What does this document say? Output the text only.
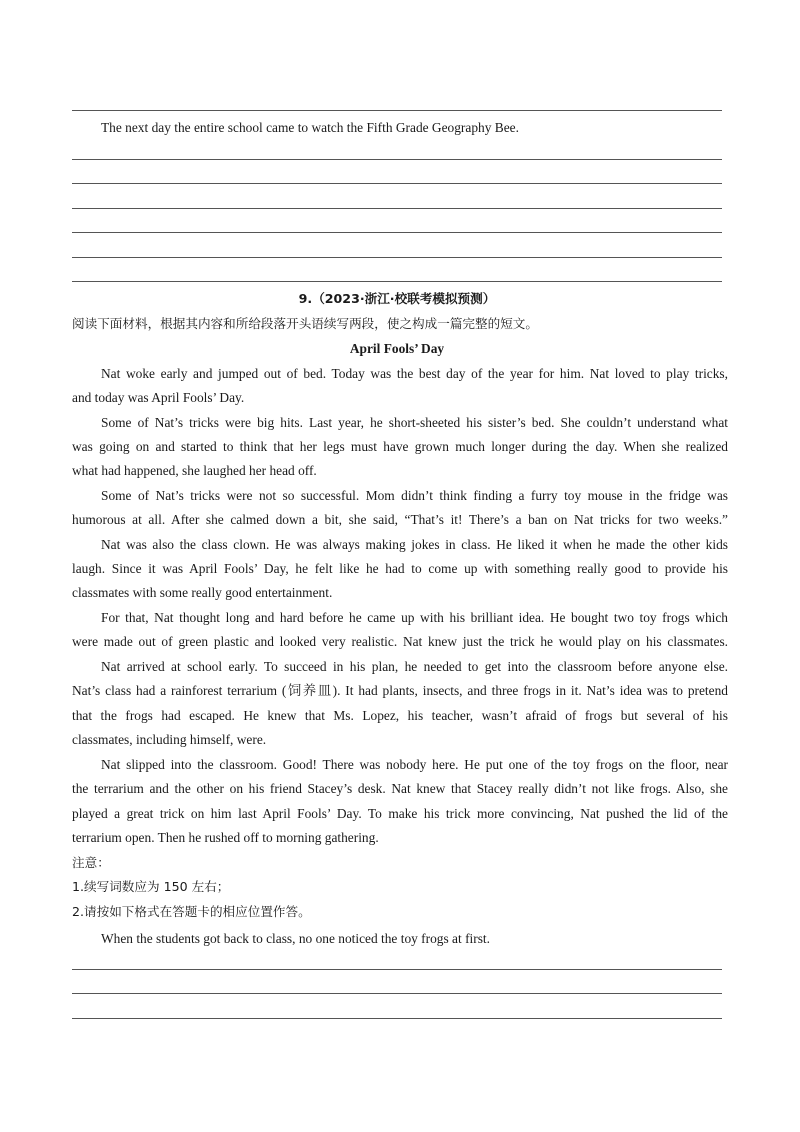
The next day the entire school came to watch the Fifth Grade Geography Bee.
9.（2023·浙江·校联考模拟预测）
阅读下面材料，根据其内容和所给段落开头语续写两段，使之构成一篇完整的短文。
April Fools’ Day
Nat woke early and jumped out of bed. Today was the best day of the year for him. Nat loved to play tricks,
and today was April Fools’ Day.
Some of Nat’s tricks were big hits. Last year, he short-sheeted his sister’s bed. She couldn’t understand what
was going on and started to think that her legs must have grown much longer during the day. When she realized
what had happened, she laughed her head off.
Some of Nat’s tricks were not so successful. Mom didn’t think finding a furry toy mouse in the fridge was
humorous at all. After she calmed down a bit, she said, “That’s it! There’s a ban on Nat tricks for two weeks.”
Nat was also the class clown. He was always making jokes in class. He liked it when he made the other kids
laugh. Since it was April Fools’ Day, he felt like he had to come up with something really good to provide his
classmates with some really good entertainment.
For that, Nat thought long and hard before he came up with his brilliant idea. He bought two toy frogs which
were made out of green plastic and looked very realistic. Nat knew just the trick he would play on his classmates.
Nat arrived at school early. To succeed in his plan, he needed to get into the classroom before anyone else.
Nat’s class had a rainforest terrarium (饲养皿). It had plants, insects, and three frogs in it. Nat’s idea was to pretend
that the frogs had escaped. He knew that Ms. Lopez, his teacher, wasn’t afraid of frogs but several of his
classmates, including himself, were.
Nat slipped into the classroom. Good! There was nobody here. He put one of the toy frogs on the floor, near
the terrarium and the other on his friend Stacey’s desk. Nat knew that Stacey really didn’t not like frogs. Also, she
played a great trick on him last April Fools’ Day. To make his trick more convincing, Nat pushed the lid of the
terrarium open. Then he rushed off to morning gathering.
注意：
1.续写词数应为 150 左右；
2.请按如下格式在答题卡的相应位置作答。
When the students got back to class, no one noticed the toy frogs at first.
